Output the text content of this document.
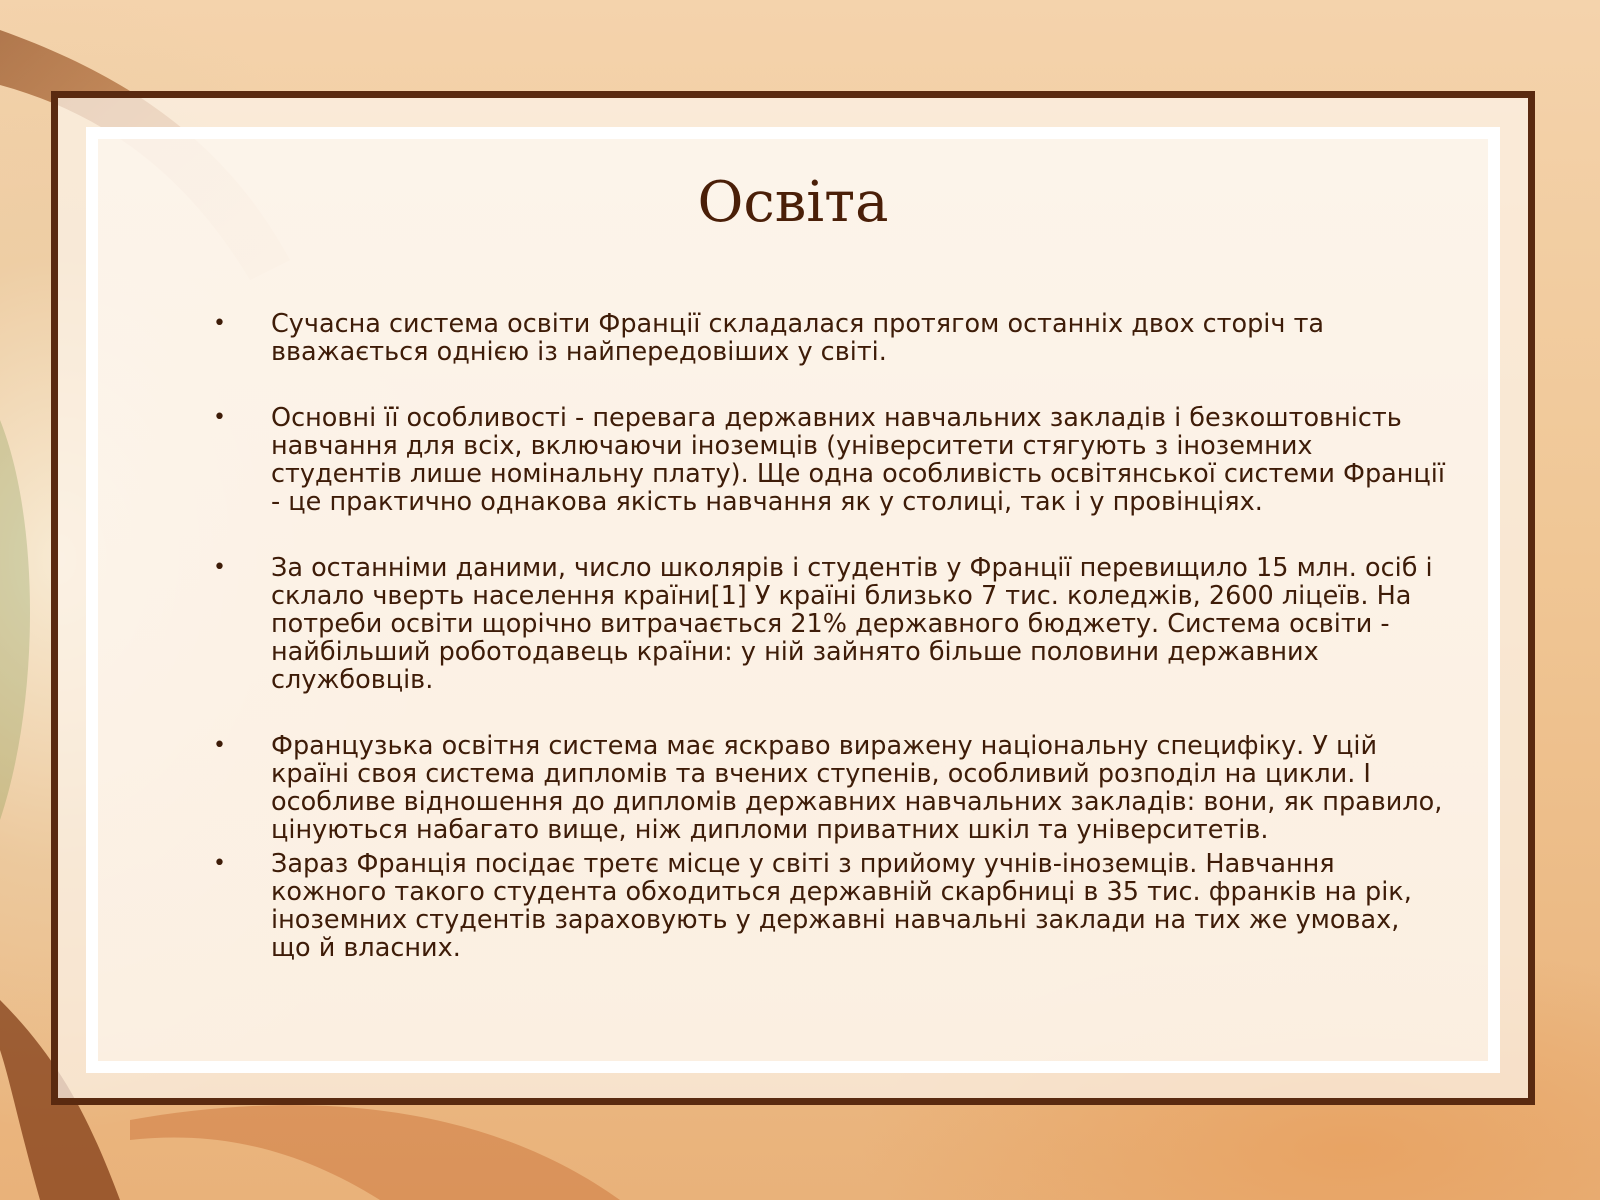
Освіта
• Сучасна система освіти Франції складалася протягом останніх двох сторіч та вважається однією із найпередовіших у світі.
• Основні її особливості - перевага державних навчальних закладів і безкоштовність навчання для всіх, включаючи іноземців (університети стягують з іноземних студентів лише номінальну плату). Ще одна особливість освітянської системи Франції - це практично однакова якість навчання як у столиці, так і у провінціях.
• За останніми даними, число школярів і студентів у Франції перевищило 15 млн. осіб і склало чверть населення країни[1] У країні близько 7 тис. коледжів, 2600 ліцеїв. На потреби освіти щорічно витрачається 21% державного бюджету. Система освіти - найбільший роботодавець країни: у ній зайнято більше половини державних службовців.
• Французька освітня система має яскраво виражену національну специфіку. У цій країні своя система дипломів та вчених ступенів, особливий розподіл на цикли. І особливе відношення до дипломів державних навчальних закладів: вони, як правило, цінуються набагато вище, ніж дипломи приватних шкіл та університетів.
• Зараз Франція посідає третє місце у світі з прийому учнів-іноземців. Навчання кожного такого студента обходиться державній скарбниці в 35 тис. франків на рік, іноземних студентів зараховують у державні навчальні заклади на тих же умовах, що й власних.
